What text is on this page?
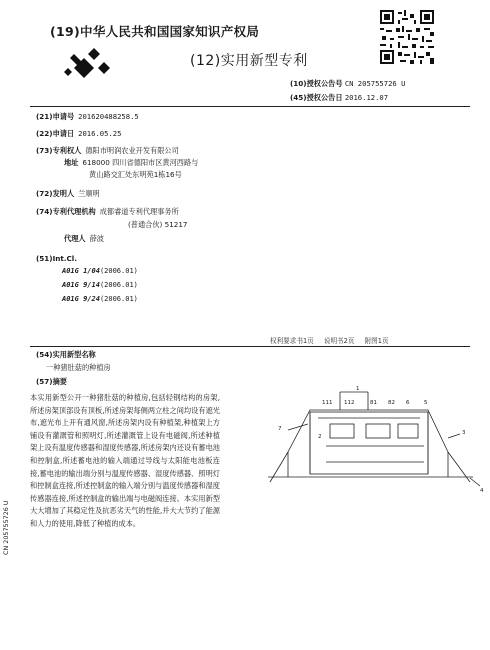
(19)中华人民共和国国家知识产权局
(12)实用新型专利
(10)授权公告号 CN 205755726 U
(45)授权公告日 2016.12.07
(21)申请号 201620488258.5
(22)申请日 2016.05.25
(73)专利权人 德阳市明润农业开发有限公司
地址 618000 四川省德阳市区黄河西路与
黄山路交汇处东明苑1栋16号
(72)发明人 兰顺明
(74)专利代理机构 成都睿道专利代理事务所
(普通合伙) 51217
代理人 薛波
(51)Int.Cl.
A01G 1/04(2006.01)
A01G 9/14(2006.01)
A01G 9/24(2006.01)
权利要求书1页 说明书2页 附图1页
(54)实用新型名称
一种猪肚菇的种植房
(57)摘要
本实用新型公开一种猪肚菇的种植房,包括轻钢结构的房架,所述房架顶部设有顶板,所述房架每侧两立柱之间均设有遮光布,遮光布上开有通风窗,所述房架内设有种植架,种植架上方铺设有灌溉管和照明灯,所述灌溉管上设有电磁阀,所述种植架上设有温度传感器和湿度传感器,所述房架内还设有蓄电池和控制盒,所述蓄电池的输入端通过导线与太阳能电池板连接,蓄电池的输出端分别与温度传感器、湿度传感器、照明灯和控制盒连接,所述控制盒的输入端分别与温度传感器和湿度传感器连接,所述控制盒的输出端与电磁阀连接。本实用新型大大增加了其稳定性及抗恶劣天气的性能,并大大节约了能源和人力的使用,降低了种植的成本。
1
111 112	81 82 6	5
7
2
3
4
CN 205755726 U
